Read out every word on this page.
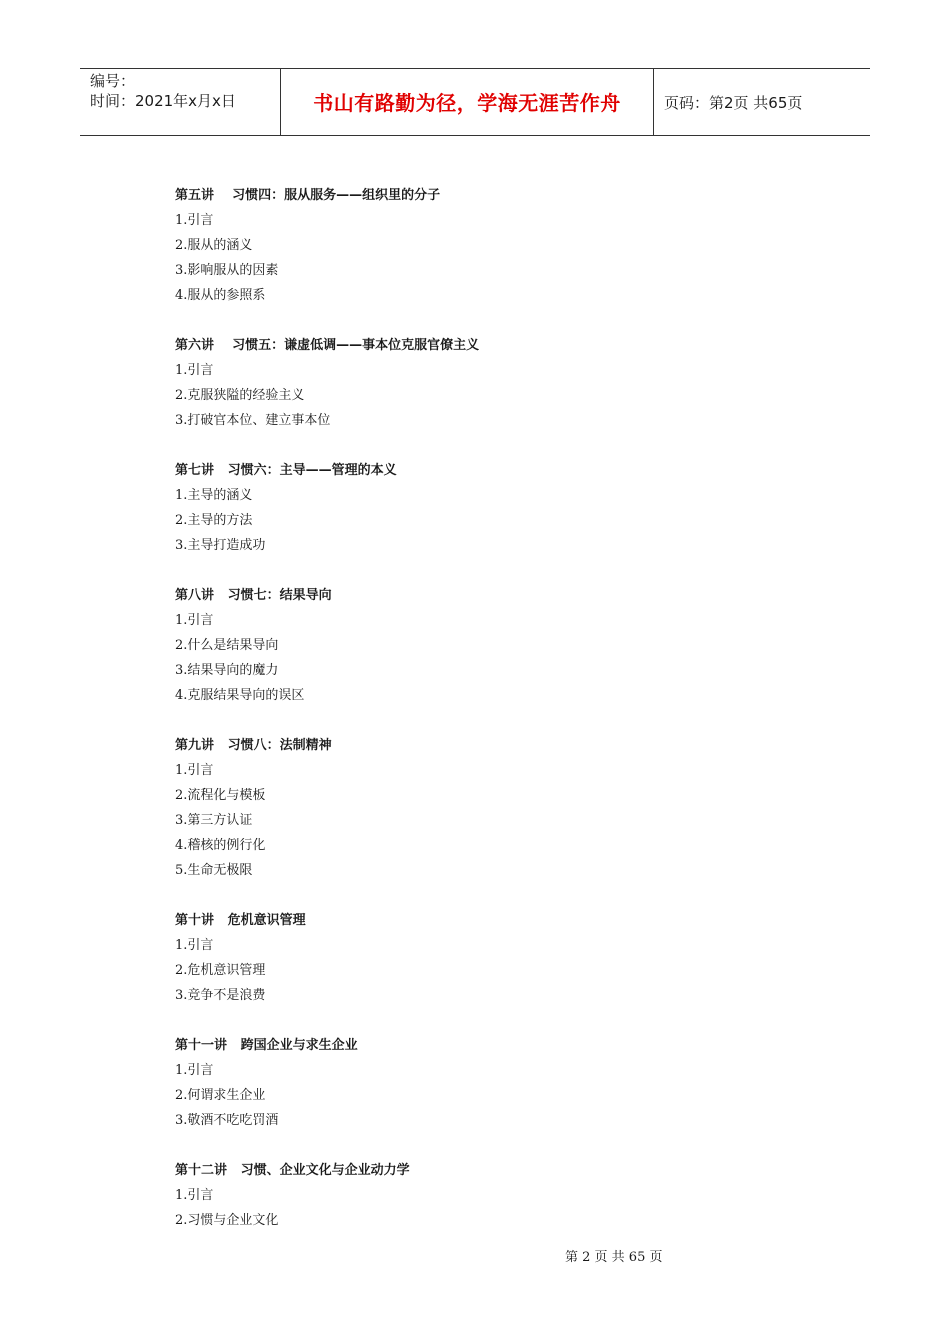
编号：
时间：2021年x月x日	书山有路勤为径，学海无涯苦作舟	页码：第2页 共65页
第五讲    习惯四：服从服务——组织里的分子
1.引言
2.服从的涵义
3.影响服从的因素
4.服从的参照系
第六讲    习惯五：谦虚低调——事本位克服官僚主义
1.引言
2.克服狭隘的经验主义
3.打破官本位、建立事本位
第七讲   习惯六：主导——管理的本义
1.主导的涵义
2.主导的方法
3.主导打造成功
第八讲   习惯七：结果导向
1.引言
2.什么是结果导向
3.结果导向的魔力
4.克服结果导向的误区
第九讲   习惯八：法制精神
1.引言
2.流程化与模板
3.第三方认证
4.稽核的例行化
5.生命无极限
第十讲   危机意识管理
1.引言
2.危机意识管理
3.竞争不是浪费
第十一讲   跨国企业与求生企业
1.引言
2.何谓求生企业
3.敬酒不吃吃罚酒
第十二讲   习惯、企业文化与企业动力学
1.引言
2.习惯与企业文化
第 2 页 共 65 页
